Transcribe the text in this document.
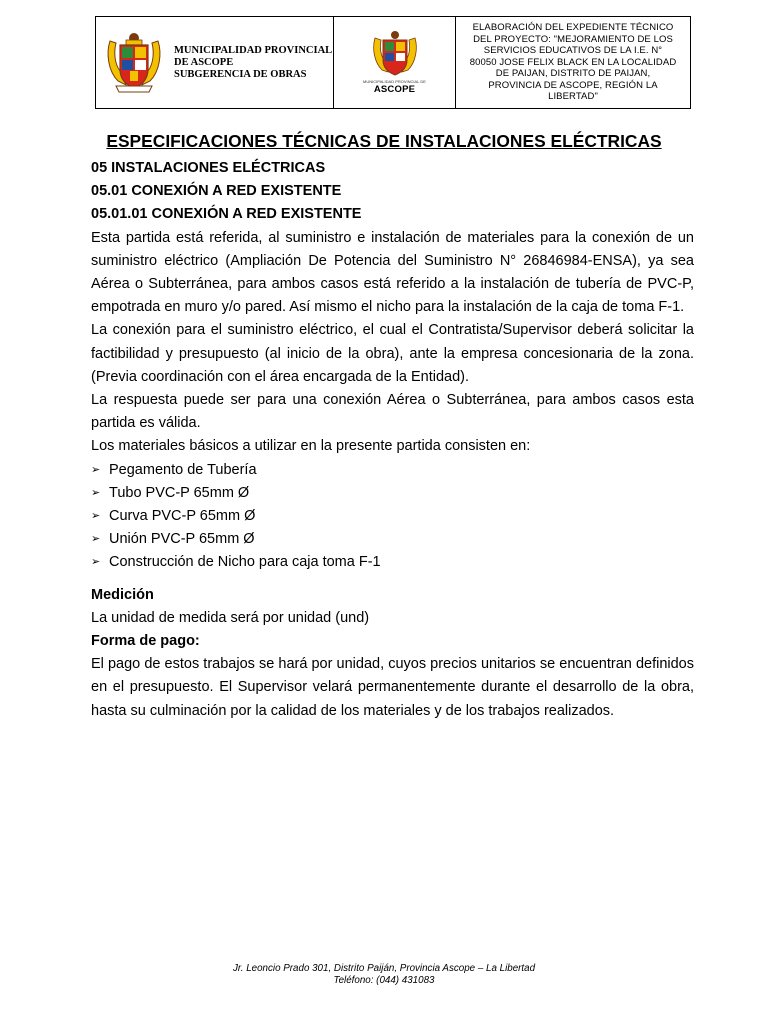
MUNICIPALIDAD PROVINCIAL
DE ASCOPE
SUBGERENCIA DE OBRAS
MUNICIPALIDAD PROVINCIAL DE
ASCOPE
ELABORACIÓN DEL EXPEDIENTE TÉCNICO
DEL PROYECTO: "MEJORAMIENTO DE LOS
SERVICIOS EDUCATIVOS DE LA I.E. N°
80050 JOSE FELIX BLACK EN LA LOCALIDAD
DE PAIJAN, DISTRITO DE PAIJAN,
PROVINCIA DE ASCOPE, REGIÓN LA
LIBERTAD"
ESPECIFICACIONES TÉCNICAS DE INSTALACIONES ELÉCTRICAS
05 INSTALACIONES ELÉCTRICAS
05.01 CONEXIÓN A RED EXISTENTE
05.01.01 CONEXIÓN A RED EXISTENTE

Esta partida está referida, al suministro e instalación de materiales para la conexión de un suministro eléctrico (Ampliación De Potencia del Suministro N° 26846984-ENSA), ya sea Aérea o Subterránea, para ambos casos está referido a la instalación de tubería de PVC-P, empotrada en muro y/o pared. Así mismo el nicho para la instalación de la caja de toma F-1.

La conexión para el suministro eléctrico, el cual el Contratista/Supervisor deberá solicitar la factibilidad y presupuesto (al inicio de la obra), ante la empresa concesionaria de la zona. (Previa coordinación con el área encargada de la Entidad).

La respuesta puede ser para una conexión Aérea o Subterránea, para ambos casos esta partida es válida.

Los materiales básicos a utilizar en la presente partida consisten en:

➢ Pegamento de Tubería
➢ Tubo PVC-P 65mm Ø
➢ Curva PVC-P 65mm Ø
➢ Unión PVC-P 65mm Ø
➢ Construcción de Nicho para caja toma F-1
Medición

La unidad de medida será por unidad (und)

Forma de pago:

El pago de estos trabajos se hará por unidad, cuyos precios unitarios se encuentran definidos en el presupuesto. El Supervisor velará permanentemente durante el desarrollo de la obra, hasta su culminación por la calidad de los materiales y de los trabajos realizados.

Jr. Leoncio Prado 301, Distrito Paiján, Provincia Ascope – La Libertad
Teléfono: (044) 431083
